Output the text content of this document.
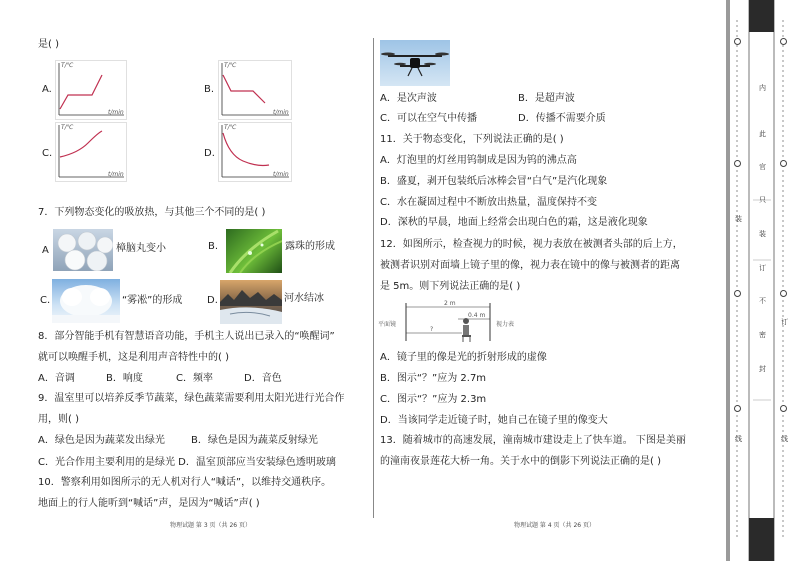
是( )
A.
T/℃
t/min
B.
T/℃
t/min
C.
T/℃
t/min
D.
T/℃
t/min
7．下列物态变化的吸放热，与其他三个不同的是( )
A	樟脑丸变小	B.	露珠的形成
C.	“雾凇”的形成 D.	河水结冰
8．部分智能手机有智慧语音功能，手机主人说出已录入的“唤醒词”
就可以唤醒手机，这是利用声音特性中的( )
A．音调	B．响度	C．频率	D．音色
9．温室里可以培养反季节蔬菜，绿色蔬菜需要利用太阳光进行光合作
用，则( )
A．绿色是因为蔬菜发出绿光	B．绿色是因为蔬菜反射绿光
C．光合作用主要利用的是绿光 D．温室顶部应当安装绿色透明玻璃
10．警察利用如图所示的无人机对行人“喊话”，以维持交通秩序。
地面上的行人能听到“喊话”声，是因为“喊话”声( )
物理试题 第 3 页（共 26 页）
A．是次声波	B．是超声波
C．可以在空气中传播	D．传播不需要介质
11．关于物态变化，下列说法正确的是( )
A．灯泡里的灯丝用钨制成是因为钨的沸点高
B．盛夏，剥开包装纸后冰棒会冒“白气”是汽化现象
C．水在凝固过程中不断放出热量，温度保持不变
D．深秋的早晨，地面上经常会出现白色的霜，这是液化现象
12．如图所示，检查视力的时候，视力表放在被测者头部的后上方，
被测者识别对面墙上镜子里的像，视力表在镜中的像与被测者的距离
是 5m。则下列说法正确的是( )
平面镜	视力表
2 m
0.4 m
?
A．镜子里的像是光的折射形成的虚像
B．图示“？”应为 2.7m
C．图示“？”应为 2.3m
D．当该同学走近镜子时，她自己在镜子里的像变大
13．随着城市的高速发展，潼南城市建设走上了快车道。 下图是美丽
的潼南夜景莲花大桥一角。关于水中的倒影下列说法正确的是( )
物理试题 第 4 页（共 26 页）
内
此
官
只
装
订
不
密
封
装
订
线	线
